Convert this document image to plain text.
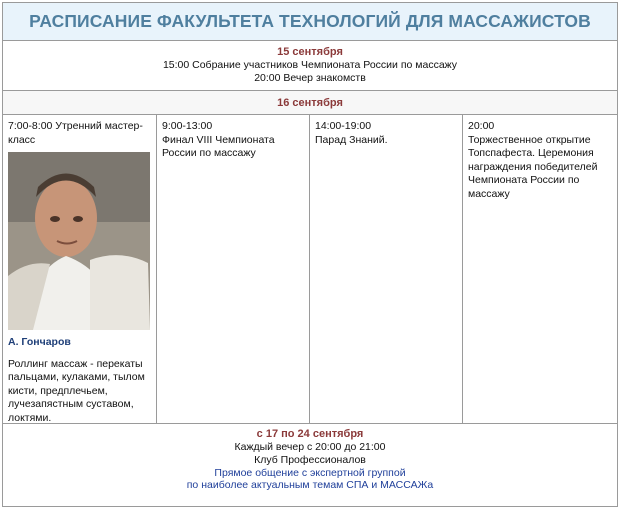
РАСПИСАНИЕ ФАКУЛЬТЕТА ТЕХНОЛОГИЙ ДЛЯ МАССАЖИСТОВ
15 сентября
15:00 Собрание участников Чемпионата России по массажу
20:00 Вечер знакомств
16 сентября
7:00-8:00 Утренний мастер-класс
А. Гончаров
Роллинг массаж - перекаты пальцами, кулаками, тылом кисти, предплечьем, лучезапястным суставом, локтями.
9:00-13:00
Финал VIII Чемпионата России по массажу
14:00-19:00
Парад Знаний.
20:00
Торжественное открытие Топспафеста. Церемония награждения победителей Чемпионата России по массажу
с 17 по 24 сентября
Каждый вечер с 20:00 до 21:00
Клуб Профессионалов
Прямое общение с экспертной группой
по наиболее актуальным темам СПА и МАССАЖа
